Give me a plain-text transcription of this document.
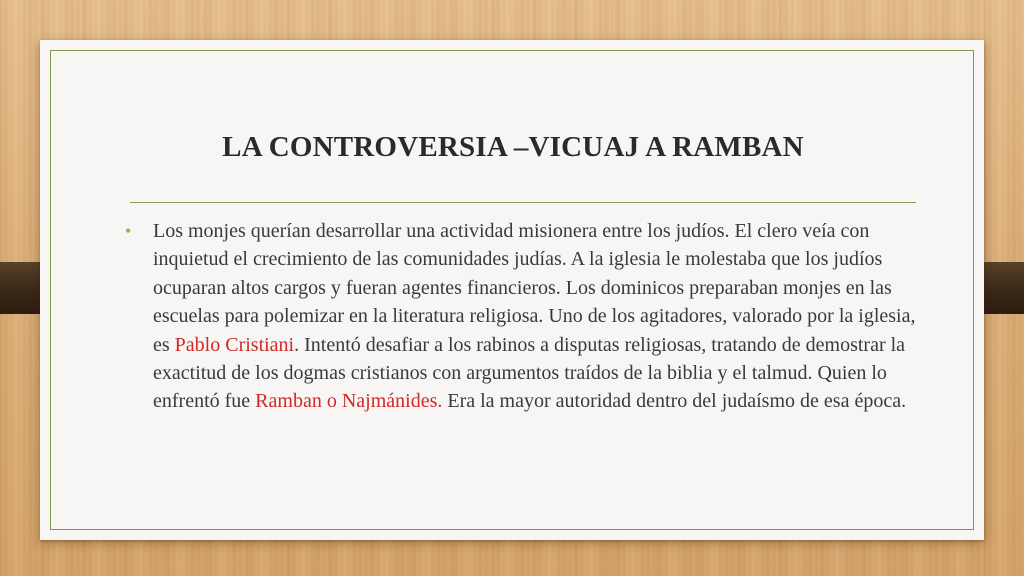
LA CONTROVERSIA –VICUAJ A RAMBAN
•	Los monjes querían desarrollar una actividad misionera entre los judíos. El clero veía con inquietud el crecimiento de las comunidades judías. A la iglesia le molestaba que los judíos ocuparan altos cargos y fueran agentes financieros. Los dominicos preparaban monjes en las escuelas para polemizar en la literatura religiosa. Uno de los agitadores, valorado por la iglesia, es Pablo Cristiani. Intentó desafiar a los rabinos a disputas religiosas, tratando de demostrar la exactitud de los dogmas cristianos con argumentos traídos de la biblia y el talmud. Quien lo enfrentó fue Ramban o Najmánides. Era la mayor autoridad dentro del judaísmo de esa época.
